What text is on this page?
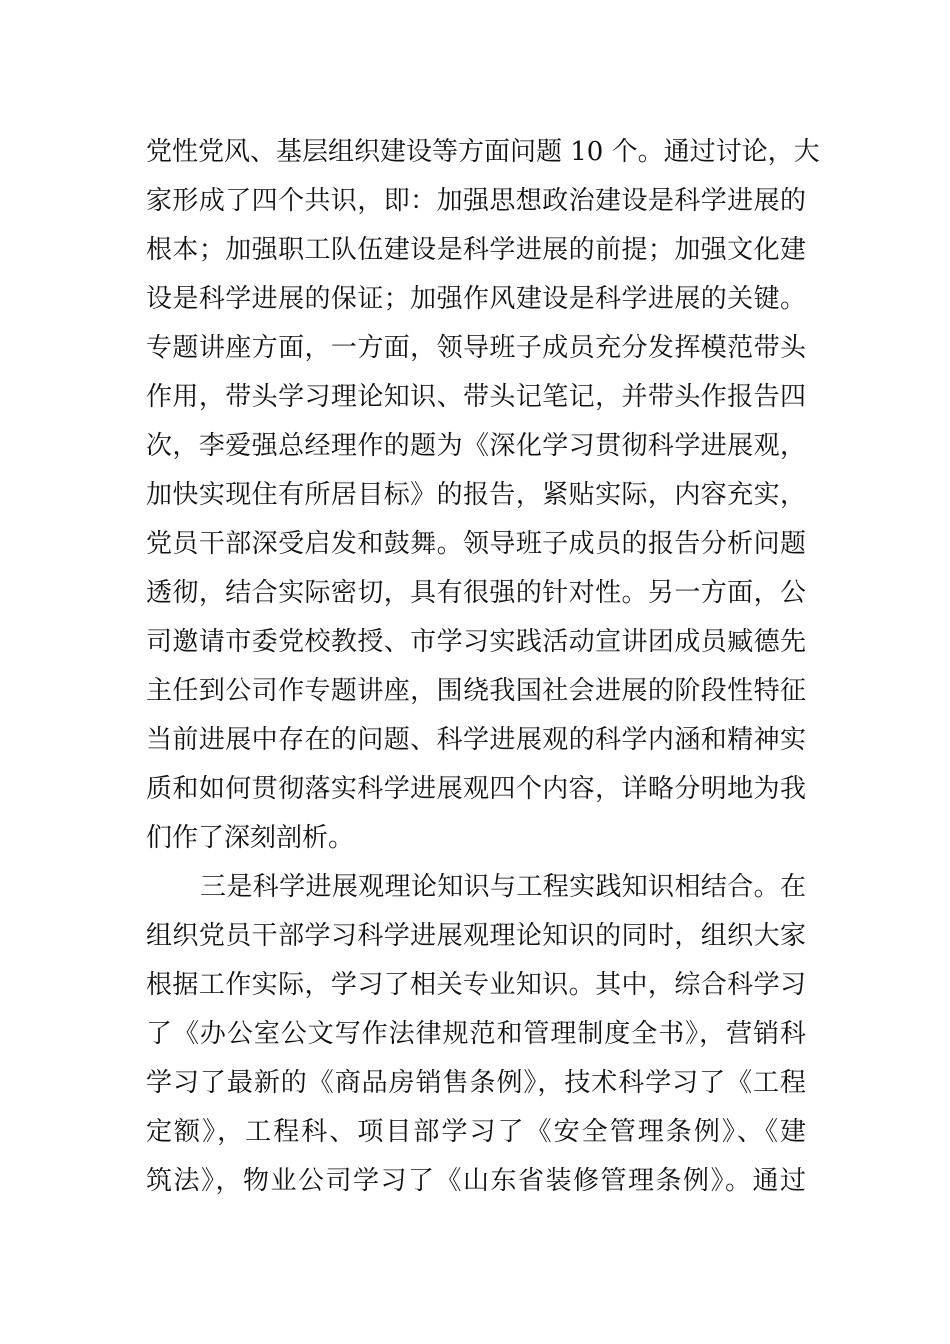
党性党风、基层组织建设等方面问题 10 个。通过讨论，大
家形成了四个共识，即：加强思想政治建设是科学进展的
根本；加强职工队伍建设是科学进展的前提；加强文化建
设是科学进展的保证；加强作风建设是科学进展的关键。
专题讲座方面，一方面，领导班子成员充分发挥模范带头
作用，带头学习理论知识、带头记笔记，并带头作报告四
次，李爱强总经理作的题为《深化学习贯彻科学进展观，
加快实现住有所居目标》的报告，紧贴实际，内容充实，
党员干部深受启发和鼓舞。领导班子成员的报告分析问题
透彻，结合实际密切，具有很强的针对性。另一方面，公
司邀请市委党校教授、市学习实践活动宣讲团成员臧德先
主任到公司作专题讲座，围绕我国社会进展的阶段性特征
当前进展中存在的问题、科学进展观的科学内涵和精神实
质和如何贯彻落实科学进展观四个内容，详略分明地为我
们作了深刻剖析。
三是科学进展观理论知识与工程实践知识相结合。在
组织党员干部学习科学进展观理论知识的同时，组织大家
根据工作实际，学习了相关专业知识。其中，综合科学习
了《办公室公文写作法律规范和管理制度全书》，营销科
学习了最新的《商品房销售条例》，技术科学习了《工程
定额》，工程科、项目部学习了《安全管理条例》、《建
筑法》，物业公司学习了《山东省装修管理条例》。通过
